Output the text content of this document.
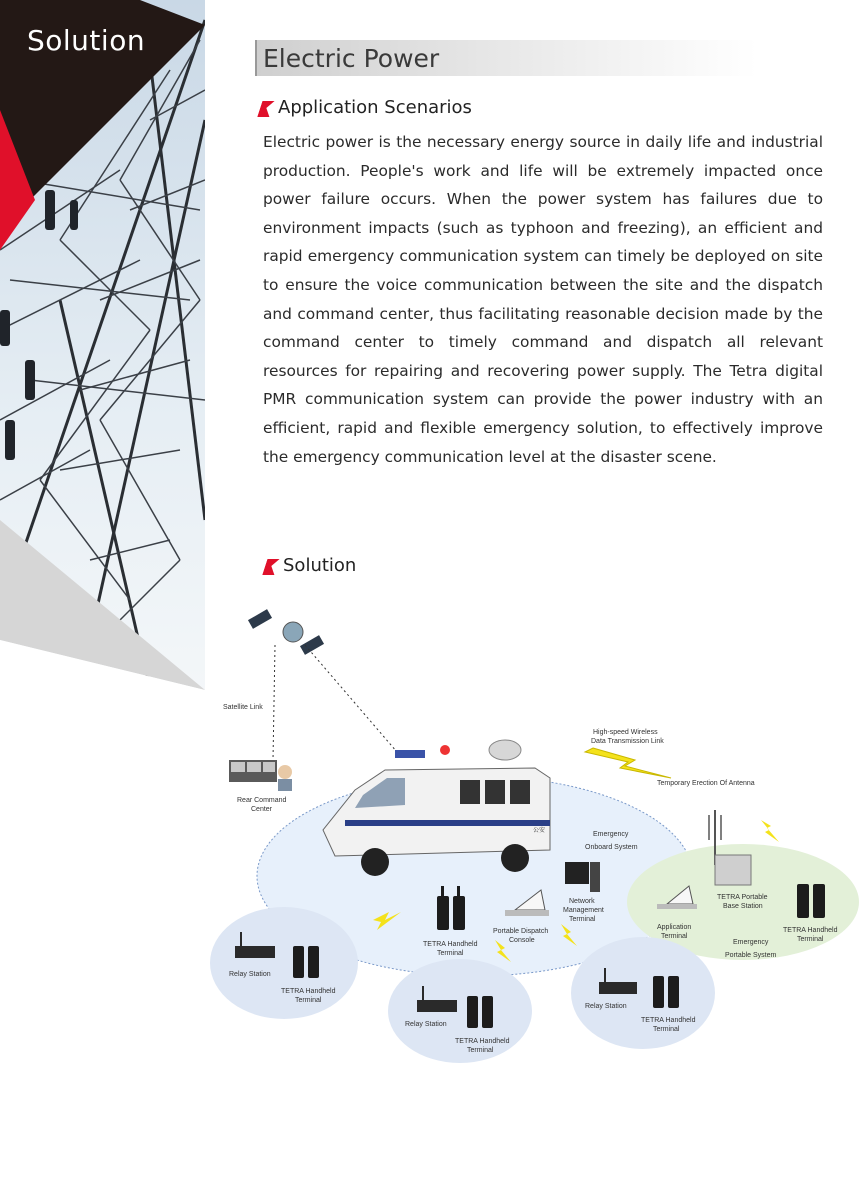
Solution
Electric Power
Application Scenarios
Electric power is the necessary energy source in daily life and industrial production. People's work and life will be extremely impacted once power failure occurs. When the power system has failures due to environment impacts (such as typhoon and freezing), an efficient and rapid emergency communication system can timely be deployed on site to ensure the voice communication between the site and the dispatch and command center, thus facilitating reasonable decision made by the command center to timely command and dispatch all relevant resources for repairing and recovering power supply. The Tetra digital PMR communication system can provide the power industry with an efficient, rapid and flexible emergency solution, to effectively improve the emergency communication level at the disaster scene.
Solution
Satellite Link
Rear Command
Center
公安
High-speed Wireless
Data Transmission Link
Temporary Erection Of Antenna
Emergency
Onboard System
Network
Management
Terminal
Portable Dispatch
Console
TETRA Handheld
Terminal
TETRA Portable
Base Station
Application
Terminal
TETRA Handheld
Terminal
Emergency
Portable System
Relay Station
TETRA Handheld
Terminal
Relay Station
TETRA Handheld
Terminal
Relay Station
TETRA Handheld
Terminal
